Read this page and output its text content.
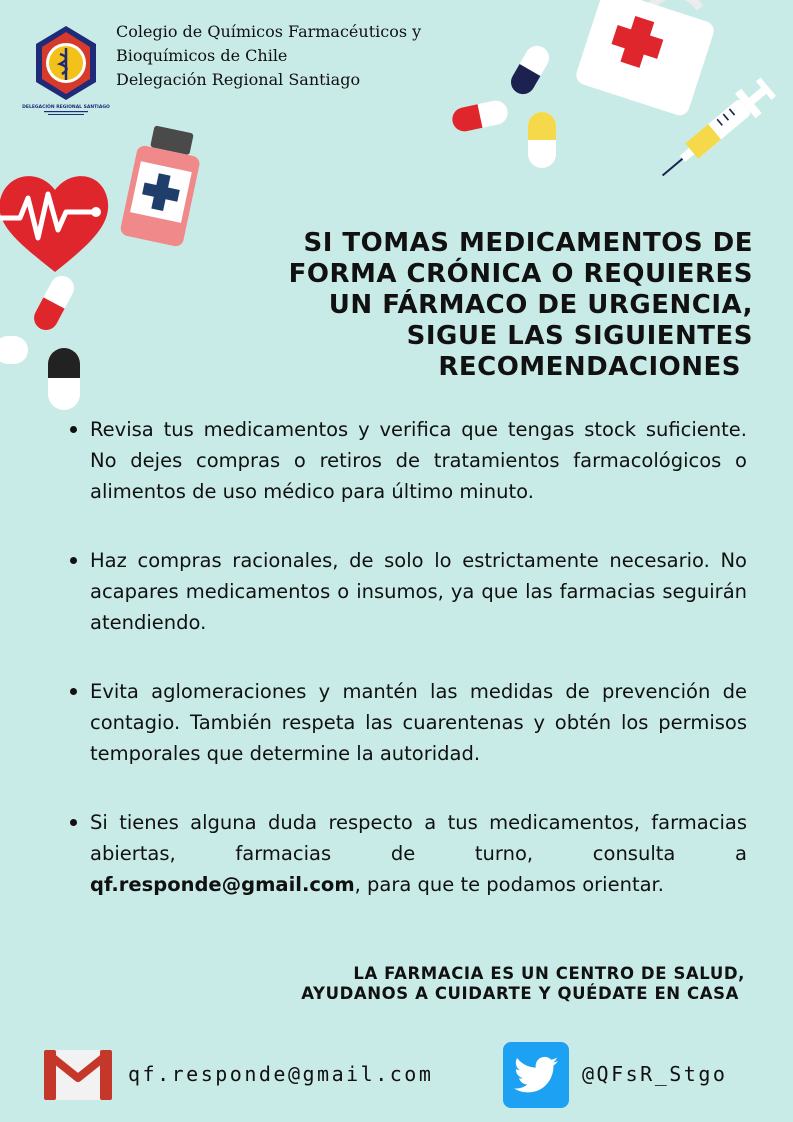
DELEGACIÓN REGIONAL SANTIAGO
Colegio de Químicos Farmacéuticos y
Bioquímicos de Chile
Delegación Regional Santiago
SI TOMAS MEDICAMENTOS DE
FORMA CRÓNICA O REQUIERES
UN FÁRMACO DE URGENCIA,
SIGUE LAS SIGUIENTES
RECOMENDACIONES
Revisa tus medicamentos y verifica que tengas stock suficiente. No dejes compras o retiros de tratamientos farmacológicos o alimentos de uso médico para último minuto.
Haz compras racionales, de solo lo estrictamente necesario. No acapares medicamentos o insumos, ya que las farmacias seguirán atendiendo.
Evita aglomeraciones y mantén las medidas de prevención de contagio. También respeta las cuarentenas y obtén los permisos temporales que determine la autoridad.
Si tienes alguna duda respecto a tus medicamentos, farmacias abiertas, farmacias de turno, consulta a qf.responde@gmail.com, para que te podamos orientar.
LA FARMACIA ES UN CENTRO DE SALUD,
AYUDANOS A CUIDARTE Y QUÉDATE EN CASA
qf.responde@gmail.com	@QFsR_Stgo
